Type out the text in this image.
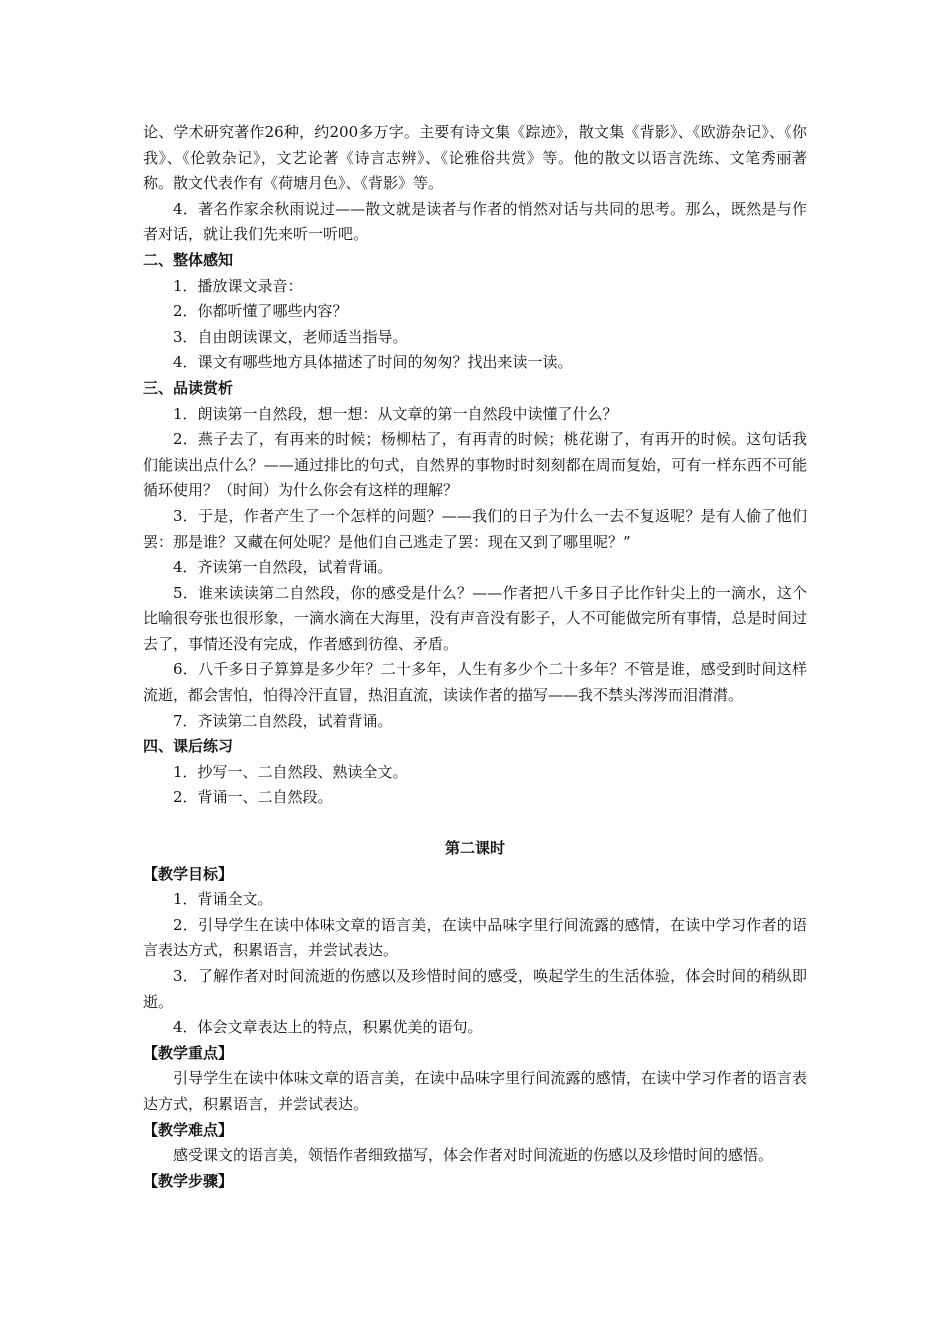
论、学术研究著作26种，约200多万字。主要有诗文集《踪迹》，散文集《背影》、《欧游杂记》、《你我》、《伦敦杂记》，文艺论著《诗言志辨》、《论雅俗共赏》等。他的散文以语言洗练、文笔秀丽著称。散文代表作有《荷塘月色》、《背影》等。

4．著名作家余秋雨说过——散文就是读者与作者的悄然对话与共同的思考。那么，既然是与作者对话，就让我们先来听一听吧。

二、整体感知

1．播放课文录音：

2．你都听懂了哪些内容？

3．自由朗读课文，老师适当指导。

4．课文有哪些地方具体描述了时间的匆匆？找出来读一读。

三、品读赏析

1．朗读第一自然段，想一想：从文章的第一自然段中读懂了什么？

2．燕子去了，有再来的时候；杨柳枯了，有再青的时候；桃花谢了，有再开的时候。这句话我们能读出点什么？——通过排比的句式，自然界的事物时时刻刻都在周而复始，可有一样东西不可能循环使用？（时间）为什么你会有这样的理解？

3．于是，作者产生了一个怎样的问题？——我们的日子为什么一去不复返呢？是有人偷了他们罢：那是谁？又藏在何处呢？是他们自己逃走了罢：现在又到了哪里呢？”

4．齐读第一自然段，试着背诵。

5．谁来读读第二自然段，你的感受是什么？——作者把八千多日子比作针尖上的一滴水，这个比喻很夸张也很形象，一滴水滴在大海里，没有声音没有影子，人不可能做完所有事情，总是时间过去了，事情还没有完成，作者感到彷徨、矛盾。

6．八千多日子算算是多少年？二十多年，人生有多少个二十多年？不管是谁，感受到时间这样流逝，都会害怕，怕得冷汗直冒，热泪直流，读读作者的描写——我不禁头涔涔而泪潸潸。

7．齐读第二自然段，试着背诵。

四、课后练习

1．抄写一、二自然段、熟读全文。

2．背诵一、二自然段。

第二课时

【教学目标】

1．背诵全文。

2．引导学生在读中体味文章的语言美，在读中品味字里行间流露的感情，在读中学习作者的语言表达方式，积累语言，并尝试表达。

3．了解作者对时间流逝的伤感以及珍惜时间的感受，唤起学生的生活体验，体会时间的稍纵即逝。

4．体会文章表达上的特点，积累优美的语句。

【教学重点】

引导学生在读中体味文章的语言美，在读中品味字里行间流露的感情，在读中学习作者的语言表达方式，积累语言，并尝试表达。

【教学难点】

感受课文的语言美，领悟作者细致描写，体会作者对时间流逝的伤感以及珍惜时间的感悟。

【教学步骤】
